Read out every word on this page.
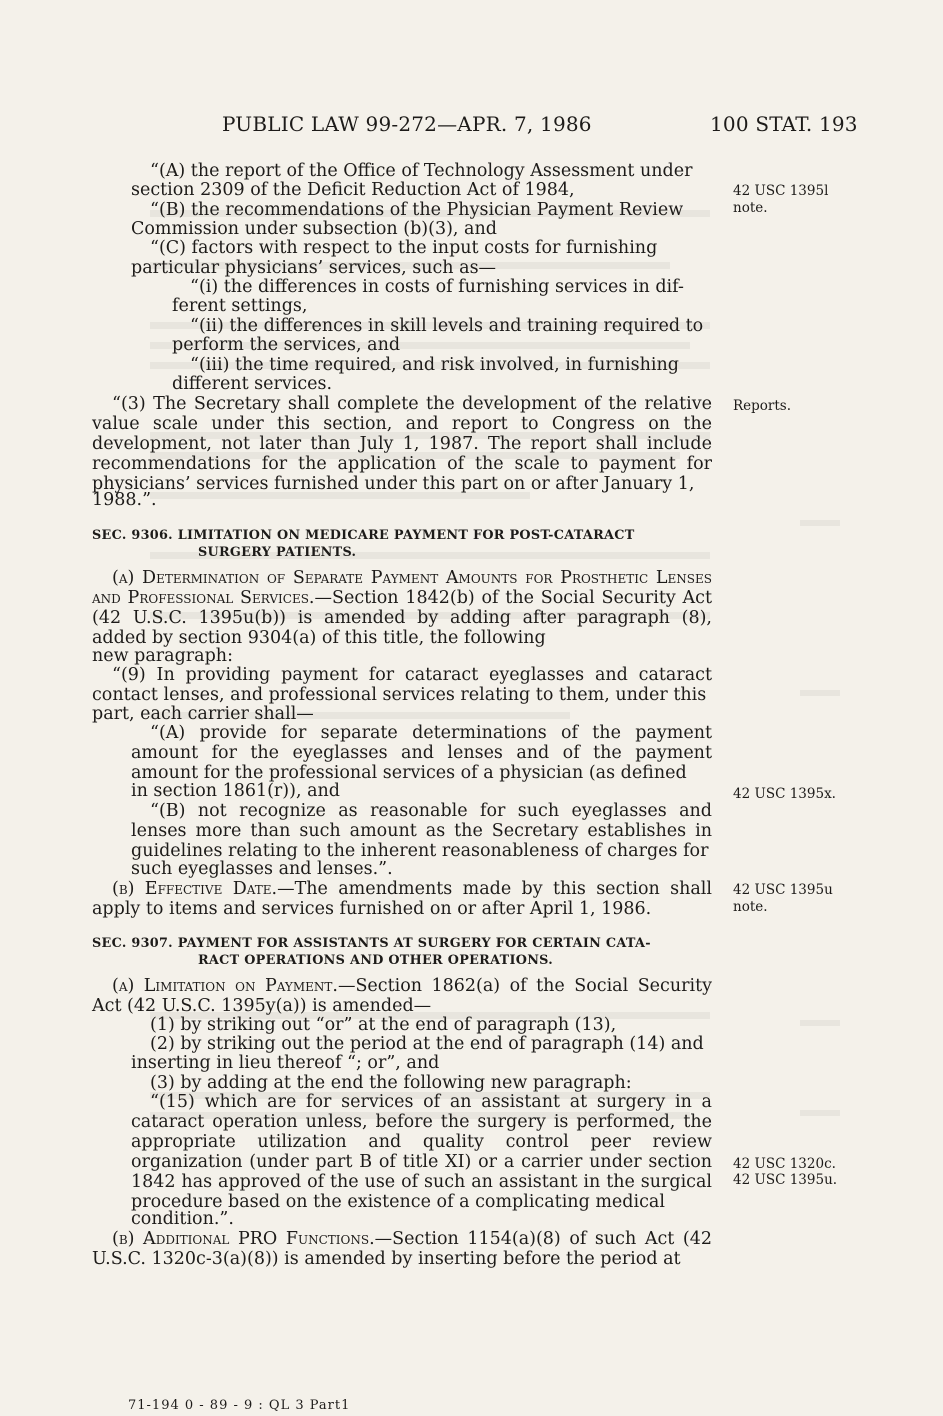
PUBLIC LAW 99-272—APR. 7, 1986	100 STAT. 193
“(A) the report of the Office of Technology Assessment under
section 2309 of the Deficit Reduction Act of 1984,
“(B) the recommendations of the Physician Payment Review
Commission under subsection (b)(3), and
“(C) factors with respect to the input costs for furnishing
particular physicians’ services, such as—
“(i) the differences in costs of furnishing services in dif-
ferent settings,
“(ii) the differences in skill levels and training required to
perform the services, and
“(iii) the time required, and risk involved, in furnishing
different services.
“(3) The Secretary shall complete the development of the relative value scale under this section, and report to Congress on the development, not later than July 1, 1987. The report shall include recommendations for the application of the scale to payment for physicians’ services furnished under this part on or after January 1,
1988.”.
SEC. 9306. LIMITATION ON MEDICARE PAYMENT FOR POST-CATARACT
SURGERY PATIENTS.
(a) Determination of Separate Payment Amounts for Prosthetic Lenses and Professional Services.—Section 1842(b) of the Social Security Act (42 U.S.C. 1395u(b)) is amended by adding after paragraph (8), added by section 9304(a) of this title, the following
new paragraph:
“(9) In providing payment for cataract eyeglasses and cataract contact lenses, and professional services relating to them, under this
part, each carrier shall—
“(A) provide for separate determinations of the payment amount for the eyeglasses and lenses and of the payment amount for the professional services of a physician (as defined
in section 1861(r)), and
“(B) not recognize as reasonable for such eyeglasses and lenses more than such amount as the Secretary establishes in guidelines relating to the inherent reasonableness of charges for
such eyeglasses and lenses.”.
(b) Effective Date.—The amendments made by this section shall apply to items and services furnished on or after April 1, 1986.
SEC. 9307. PAYMENT FOR ASSISTANTS AT SURGERY FOR CERTAIN CATA-
RACT OPERATIONS AND OTHER OPERATIONS.
(a) Limitation on Payment.—Section 1862(a) of the Social Security Act (42 U.S.C. 1395y(a)) is amended—
(1) by striking out “or” at the end of paragraph (13),
(2) by striking out the period at the end of paragraph (14) and
inserting in lieu thereof “; or”, and
(3) by adding at the end the following new paragraph:
“(15) which are for services of an assistant at surgery in a cataract operation unless, before the surgery is performed, the appropriate utilization and quality control peer review organization (under part B of title XI) or a carrier under section 1842 has approved of the use of such an assistant in the surgical procedure based on the existence of a complicating medical
condition.”.
(b) Additional PRO Functions.—Section 1154(a)(8) of such Act (42 U.S.C. 1320c-3(a)(8)) is amended by inserting before the period at
42 USC 1395l
note.
Reports.
42 USC 1395x.
42 USC 1395u
note.
42 USC 1320c.
42 USC 1395u.
71-194 0 - 89 - 9 : QL 3 Part1
